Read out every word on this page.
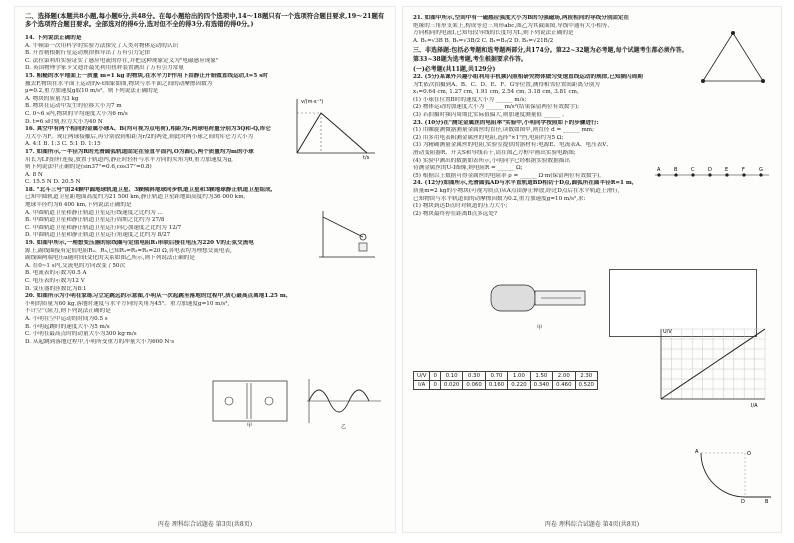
二、选择题(本题共8小题,每小题6分,共48分。在每小题给出的四个选项中,14～18题只有一个选项符合题目要求,19～21题有多个选项符合题目要求。全部选对的得6分,选对但不全的得3分,有选错的得0分。)
14. 下列说法正确的是
A. 牛顿第一次用科学的实验方法探究了人类对物体运动的认识
B. 开普勒根据行星运动规律推导出了万有引力定律
C. 法拉第利用实验证实了感应电流的存在,并把这种现象定义为"电磁感应现象"
D. 英国物理学家卡文迪许最先利用扭秤装置测出了万有引力常量
15. 粗糙的水平地面上一质量 m=1 kg 的物块,在水平力F作用下由静止开始做直线运动,t=5 s时
撤去F,物块在水平面上运动的v-t图象如图,物块与水平面之间的动摩擦因数为
μ=0.2,重力加速度g取10 m/s²。则下列说法正确的是
A. 物块的质量为3 kg
B. 物块在运动中发生的位移大小为7 m
C. 0~6 s内,物块的平均速度大小为6 m/s
D. t=6 s时刻,拉力大小为40 N
16. 真空中有两个相同的金属小球A、B(均可视为点电荷),相距为r,两球电荷量分别为3Q和-Q,库仑
力大小为F。现让两球接触后,再分别放到相距为r/2的两处,则此时两小球之间的库仑力大小为
A. 4:1 B. 1:3 C. 5:1 D. 1:15
17. 如图所示,一半径为R的光滑圆弧轨道固定在竖直平面内,O为圆心,两个质量均为m的小球
用长为L的轻杆连接,放置于轨道内,静止时轻杆与水平方向的夹角为θ,重力加速度为g,
则下列说法中正确的是(sin37°=0.6,cos37°=0.8)
A. 8 N
C. 15.5 N D. 20.5 N
18. "北斗三号"由24颗中圆地球轨道卫星、3颗倾斜地球同步轨道卫星和3颗地球静止轨道卫星组成,
已知中圆轨道卫星距地面高度约为21 500 km,静止轨道卫星距地面高度约为36 000 km,
地球半径约为6 400 km,下列说法正确的是
A. 中圆轨道卫星和静止轨道卫星运行线速度之比约为 ...
B. 中圆轨道卫星和静止轨道卫星运行周期之比约为 27/8
C. 中圆轨道卫星和静止轨道卫星运行向心加速度之比约为 12/7
D. 中圆轨道卫星和静止轨道卫星运行角速度之比约为 8/27
19. 如图甲所示,一理想变压器的原线圈与定值电阻R₁串联后接在电压为220 V的正弦交流电
源上,副线圈接有定值电阻R₂、R₃,已知R₁=R₂=R₃=20 Ω,各电表均为理想交流电表,
副线圈两端电压u随时间t变化的关系如图乙所示,则下列说法正确的是
A. 在0~1 s内,交流电的方向改变了50次
B. 电流表的示数为0.5 A
C. 电压表的示数为12 V
D. 变压器的匝数比为8:1
20. 如图所示为小明在家练习立定跳远的示意图,小明从一次起跳至落地的过程中,质心最高点离地1.25 m,
小明的质量为60 kg,落地时速度与水平方向的夹角为45°。重力加速度g=10 m/s²,
不计空气阻力,则下列说法正确的是
A. 小明在空中运动的时间为0.5 s
B. 小明起跳时的速度大小为5 m/s
C. 小明在最高点时的动量大小为300 kg·m/s
D. 从起跳到落地过程中,小明所受重力的冲量大小为600 N·s
v/(m·s⁻¹)
t/s
甲	乙
丙卷 理科综合试题卷 第3页(共8页)
21. 如图甲所示,空间中有一磁感应强度大小为B的匀强磁场,两段相同的导线分别固定在
绝缘的三角形支架上,构成等边三角形abc,图乙为其截面图,导线中通有大小相等、
方向相同的电流I,已知每段导线的长度均为L,则下列说法正确的是
A. B₁=√3B B. B₂=√3B/2 C. B₁=B₂/2 D. B₂=√21B/2
三、非选择题:包括必考题和选考题两部分,共174分。第22~32题为必考题,每个试题考生都必须作答。
第33~38题为选考题,考生根据要求作答。
(一)必考题(共11题,共129分)
22. (5分)某课外兴趣小组利用手机频闪照相研究物体做匀变速直线运动的规律,已知频闪周期
为T,依次拍摄到A、B、C、D、E、F、G等位置,测得相邻位置间距离分别为
x₁=0.64 cm, 1.27 cm, 1.91 cm, 2.54 cm, 3.18 cm, 3.81 cm。
(1) 小球在位置B时的速度大小为 ______ m/s;
(2) 物体运动的加速度大小为 ______ m/s²(结果保留两位有效数字);
(3) 若拍摄时频闪周期比实际值偏大,则加速度测量值 ______ 。
23. (10分)在"测定金属丝的电阻率"实验中,小明同学按照如下的步骤进行:
(1) 用螺旋测微器测量金属丝的直径,读数如图甲,则直径 d = ______ mm;
(2) 用多用电表粗测金属丝的电阻,选择"×1"挡,电阻约为5 Ω;
(3) 为精确测量金属丝的电阻,实验室提供的器材有:电源E、电流表A、电压表V、
滑动变阻器R、开关S和导线若干,请在图乙方框中画出实验电路图;
(4) 实验中测出的数据如表所示,小明同学已经根据实验数据描出
待测金属丝的U-I图像,则电阻R = ______ Ω;
(5) 根据以上数据可得金属丝的电阻率 ρ = ______ Ω·m(保留两位有效数字)。
24. (12分)如图所示,光滑圆弧AD与水平直轨道BD相切于D点,圆弧所在圆半径R=1 m,
质量m=2 kg的小物块(可视为质点)从A点由静止释放,经过D点后在水平轨道上滑行,
已知物块与水平轨道间的动摩擦因数为0.2,重力加速度g=10 m/s²,求:
(1) 物块到达D点时对轨道的压力大小;
(2) 物块最终停在距离B点多远处?
A	B	C	D	E	F	G
甲
U/V	0	0.10	0.30	0.70	1.00	1.50	2.00	2.30
I/A	0	0.020	0.060	0.160	0.220	0.340	0.460	0.520
U/V
I/A
A	O
D	B
丙卷 理科综合试题卷 第4页(共8页)
